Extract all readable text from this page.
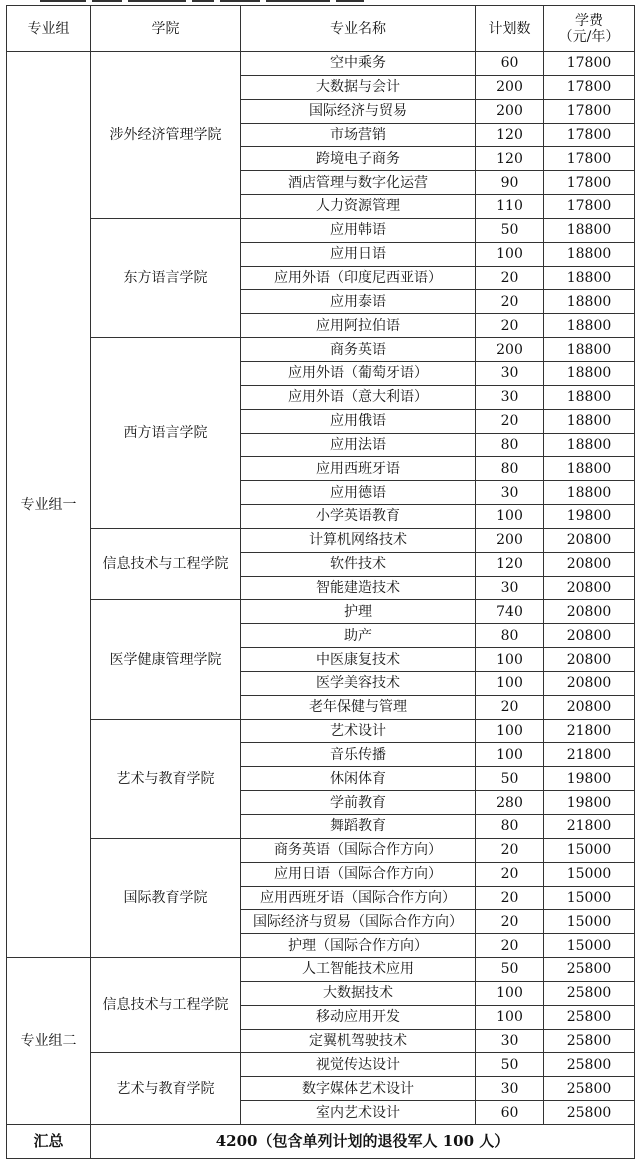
专业组	学院	专业名称	计划数	学费
（元/年）

专业组一	涉外经济管理学院	空中乘务	60	17800
		大数据与会计	200	17800
		国际经济与贸易	200	17800
		市场营销	120	17800
		跨境电子商务	120	17800
		酒店管理与数字化运营	90	17800
		人力资源管理	110	17800
	东方语言学院	应用韩语	50	18800
		应用日语	100	18800
		应用外语（印度尼西亚语）	20	18800
		应用泰语	20	18800
		应用阿拉伯语	20	18800
	西方语言学院	商务英语	200	18800
		应用外语（葡萄牙语）	30	18800
		应用外语（意大利语）	30	18800
		应用俄语	20	18800
		应用法语	80	18800
		应用西班牙语	80	18800
		应用德语	30	18800
		小学英语教育	100	19800
	信息技术与工程学院	计算机网络技术	200	20800
		软件技术	120	20800
		智能建造技术	30	20800
	医学健康管理学院	护理	740	20800
		助产	80	20800
		中医康复技术	100	20800
		医学美容技术	100	20800
		老年保健与管理	20	20800
	艺术与教育学院	艺术设计	100	21800
		音乐传播	100	21800
		休闲体育	50	19800
		学前教育	280	19800
		舞蹈教育	80	21800
	国际教育学院	商务英语（国际合作方向）	20	15000
		应用日语（国际合作方向）	20	15000
		应用西班牙语（国际合作方向）	20	15000
		国际经济与贸易（国际合作方向）	20	15000
		护理（国际合作方向）	20	15000
专业组二	信息技术与工程学院	人工智能技术应用	50	25800
		大数据技术	100	25800
		移动应用开发	100	25800
		定翼机驾驶技术	30	25800
	艺术与教育学院	视觉传达设计	50	25800
		数字媒体艺术设计	30	25800
		室内艺术设计	60	25800
汇总	4200（包含单列计划的退役军人 100 人）			
